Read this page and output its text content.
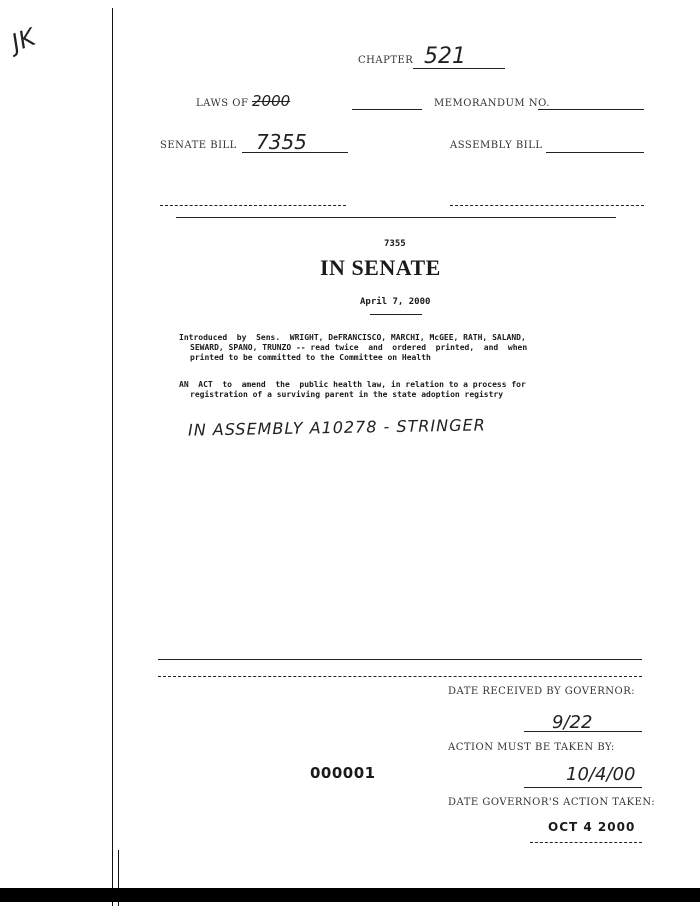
JK
CHAPTER 521
LAWS OF 2000	MEMORANDUM NO.
SENATE BILL 7355	ASSEMBLY BILL
7355
IN SENATE
April 7, 2000
Introduced  by  Sens.  WRIGHT, DeFRANCISCO, MARCHI, McGEE, RATH, SALAND,
SEWARD, SPANO, TRUNZO -- read twice  and  ordered  printed,  and  when
printed to be committed to the Committee on Health
AN  ACT  to  amend  the  public health law, in relation to a process for
registration of a surviving parent in the state adoption registry
IN ASSEMBLY A10278 - STRINGER
DATE RECEIVED BY GOVERNOR:
9/22
ACTION MUST BE TAKEN BY:
10/4/00
000001
DATE GOVERNOR'S ACTION TAKEN:
OCT 4 2000
